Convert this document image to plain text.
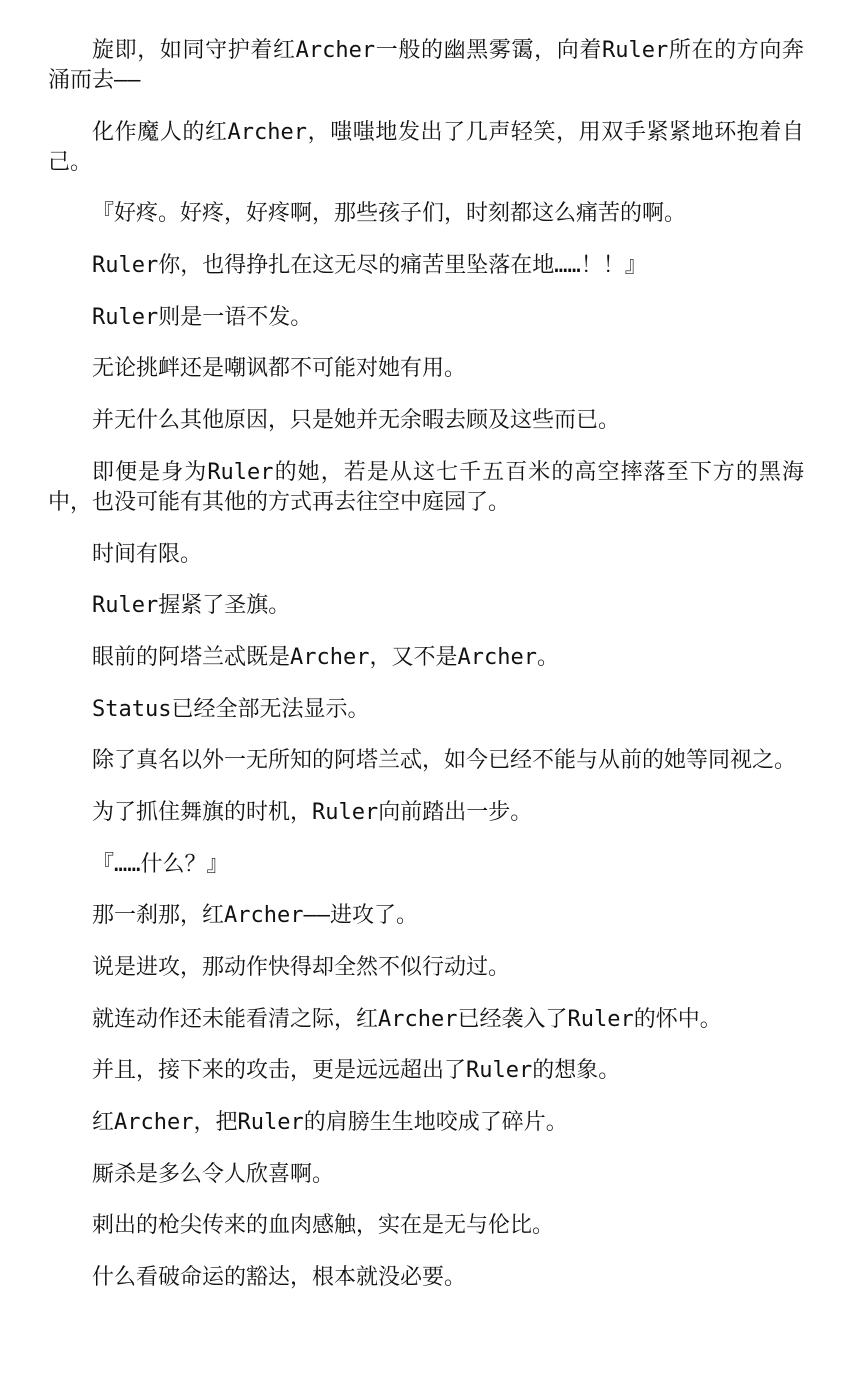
旋即，如同守护着红Archer一般的幽黑雾霭，向着Ruler所在的方向奔涌而去——

化作魔人的红Archer，嗤嗤地发出了几声轻笑，用双手紧紧地环抱着自己。

『好疼。好疼，好疼啊，那些孩子们，时刻都这么痛苦的啊。

Ruler你，也得挣扎在这无尽的痛苦里坠落在地……！！』

Ruler则是一语不发。

无论挑衅还是嘲讽都不可能对她有用。

并无什么其他原因，只是她并无余暇去顾及这些而已。

即便是身为Ruler的她，若是从这七千五百米的高空摔落至下方的黑海中，也没可能有其他的方式再去往空中庭园了。

时间有限。

Ruler握紧了圣旗。

眼前的阿塔兰忒既是Archer，又不是Archer。

Status已经全部无法显示。

除了真名以外一无所知的阿塔兰忒，如今已经不能与从前的她等同视之。

为了抓住舞旗的时机，Ruler向前踏出一步。

『……什么？』

那一刹那，红Archer——进攻了。

说是进攻，那动作快得却全然不似行动过。

就连动作还未能看清之际，红Archer已经袭入了Ruler的怀中。

并且，接下来的攻击，更是远远超出了Ruler的想象。

红Archer，把Ruler的肩膀生生地咬成了碎片。

厮杀是多么令人欣喜啊。

刺出的枪尖传来的血肉感触，实在是无与伦比。

什么看破命运的豁达，根本就没必要。
